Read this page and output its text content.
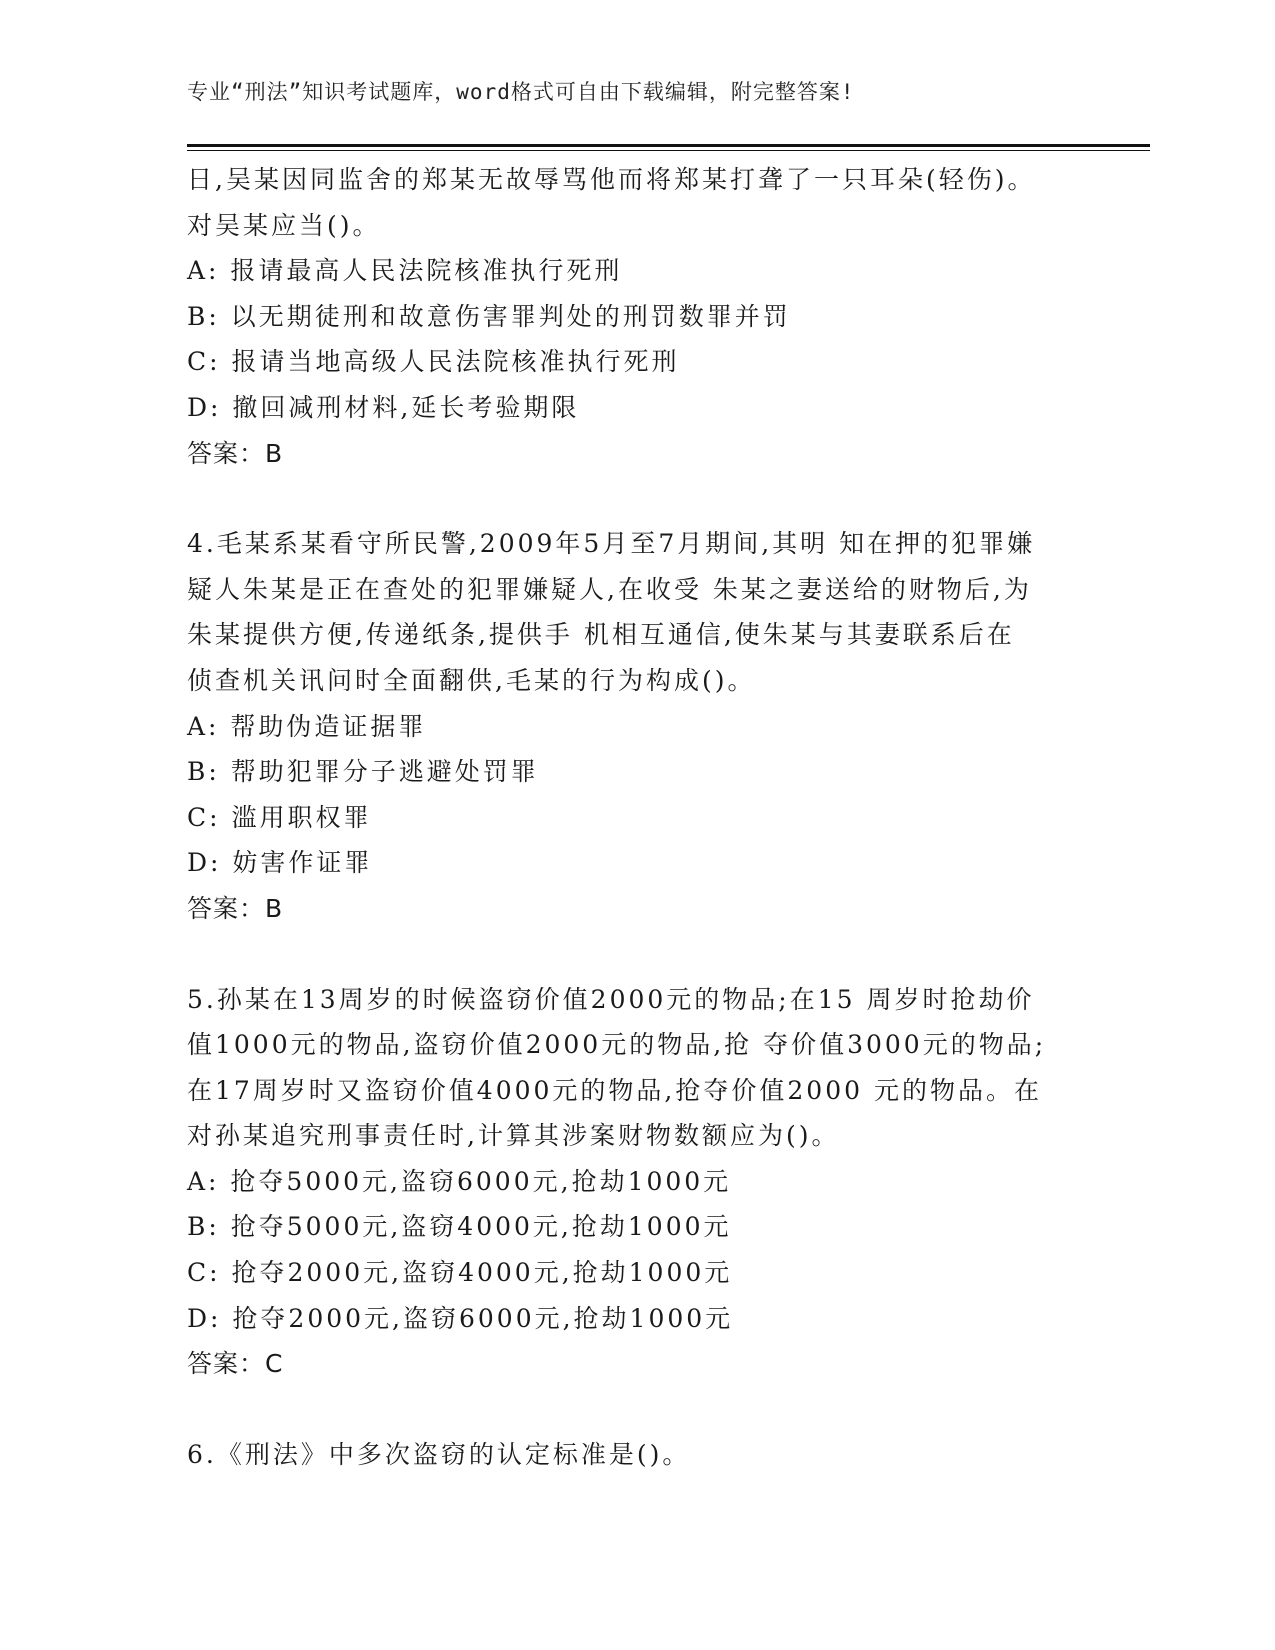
专业“刑法”知识考试题库，word格式可自由下载编辑，附完整答案!
日,吴某因同监舍的郑某无故辱骂他而将郑某打聋了一只耳朵(轻伤)。
对吴某应当()。
A: 报请最高人民法院核准执行死刑
B: 以无期徒刑和故意伤害罪判处的刑罚数罪并罚
C: 报请当地高级人民法院核准执行死刑
D: 撤回减刑材料,延长考验期限
答案：B
4.毛某系某看守所民警,2009年5月至7月期间,其明 知在押的犯罪嫌
疑人朱某是正在查处的犯罪嫌疑人,在收受 朱某之妻送给的财物后,为
朱某提供方便,传递纸条,提供手 机相互通信,使朱某与其妻联系后在
侦查机关讯问时全面翻供,毛某的行为构成()。
A: 帮助伪造证据罪
B: 帮助犯罪分子逃避处罚罪
C: 滥用职权罪
D: 妨害作证罪
答案：B
5.孙某在13周岁的时候盗窃价值2000元的物品;在15 周岁时抢劫价
值1000元的物品,盗窃价值2000元的物品,抢 夺价值3000元的物品;
在17周岁时又盗窃价值4000元的物品,抢夺价值2000 元的物品。在
对孙某追究刑事责任时,计算其涉案财物数额应为()。
A: 抢夺5000元,盗窃6000元,抢劫1000元
B: 抢夺5000元,盗窃4000元,抢劫1000元
C: 抢夺2000元,盗窃4000元,抢劫1000元
D: 抢夺2000元,盗窃6000元,抢劫1000元
答案：C
6.《刑法》中多次盗窃的认定标准是()。
